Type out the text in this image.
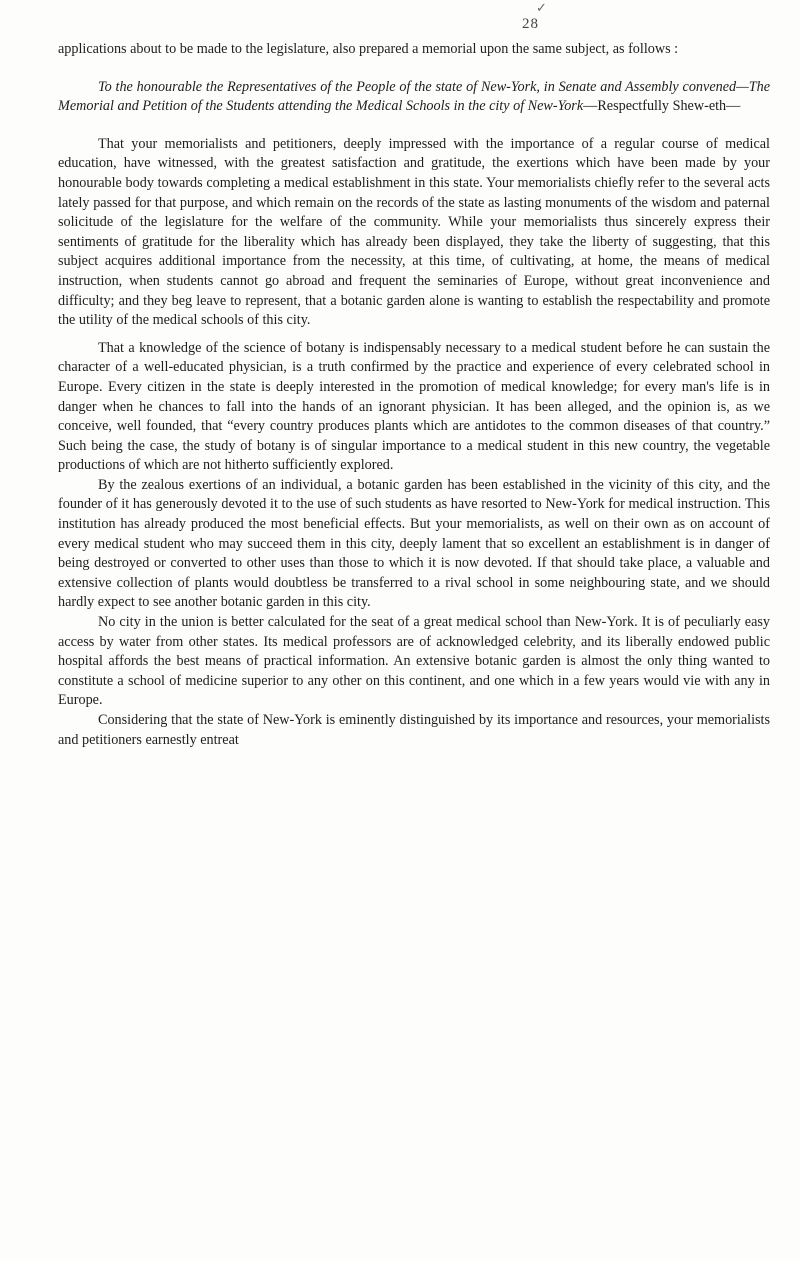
✓
28

applications about to be made to the legislature, also prepared a memorial upon the same subject, as follows :

To the honourable the Representatives of the People of the state of New-York, in Senate and Assembly convened—The Memorial and Petition of the Students attending the Medical Schools in the city of New-York—Respectfully Shew-eth—

That your memorialists and petitioners, deeply impressed with the importance of a regular course of medical education, have witnessed, with the greatest satisfaction and gratitude, the exertions which have been made by your honourable body towards completing a medical establishment in this state. Your memorialists chiefly refer to the several acts lately passed for that purpose, and which remain on the records of the state as lasting monuments of the wisdom and paternal solicitude of the legislature for the welfare of the community. While your memorialists thus sincerely express their sentiments of gratitude for the liberality which has already been displayed, they take the liberty of suggesting, that this subject acquires additional importance from the necessity, at this time, of cultivating, at home, the means of medical instruction, when students cannot go abroad and frequent the seminaries of Europe, without great inconvenience and difficulty; and they beg leave to represent, that a botanic garden alone is wanting to establish the respectability and promote the utility of the medical schools of this city.

That a knowledge of the science of botany is indispensably necessary to a medical student before he can sustain the character of a well-educated physician, is a truth confirmed by the practice and experience of every celebrated school in Europe. Every citizen in the state is deeply interested in the promotion of medical knowledge; for every man's life is in danger when he chances to fall into the hands of an ignorant physician. It has been alleged, and the opinion is, as we conceive, well founded, that “every country produces plants which are antidotes to the common diseases of that country.” Such being the case, the study of botany is of singular importance to a medical student in this new country, the vegetable productions of which are not hitherto sufficiently explored.

By the zealous exertions of an individual, a botanic garden has been established in the vicinity of this city, and the founder of it has generously devoted it to the use of such students as have resorted to New-York for medical instruction. This institution has already produced the most beneficial effects. But your memorialists, as well on their own as on account of every medical student who may succeed them in this city, deeply lament that so excellent an establishment is in danger of being destroyed or converted to other uses than those to which it is now devoted. If that should take place, a valuable and extensive collection of plants would doubtless be transferred to a rival school in some neighbouring state, and we should hardly expect to see another botanic garden in this city.

No city in the union is better calculated for the seat of a great medical school than New-York. It is of peculiarly easy access by water from other states. Its medical professors are of acknowledged celebrity, and its liberally endowed public hospital affords the best means of practical information. An extensive botanic garden is almost the only thing wanted to constitute a school of medicine superior to any other on this continent, and one which in a few years would vie with any in Europe.

Considering that the state of New-York is eminently distinguished by its importance and resources, your memorialists and petitioners earnestly entreat
